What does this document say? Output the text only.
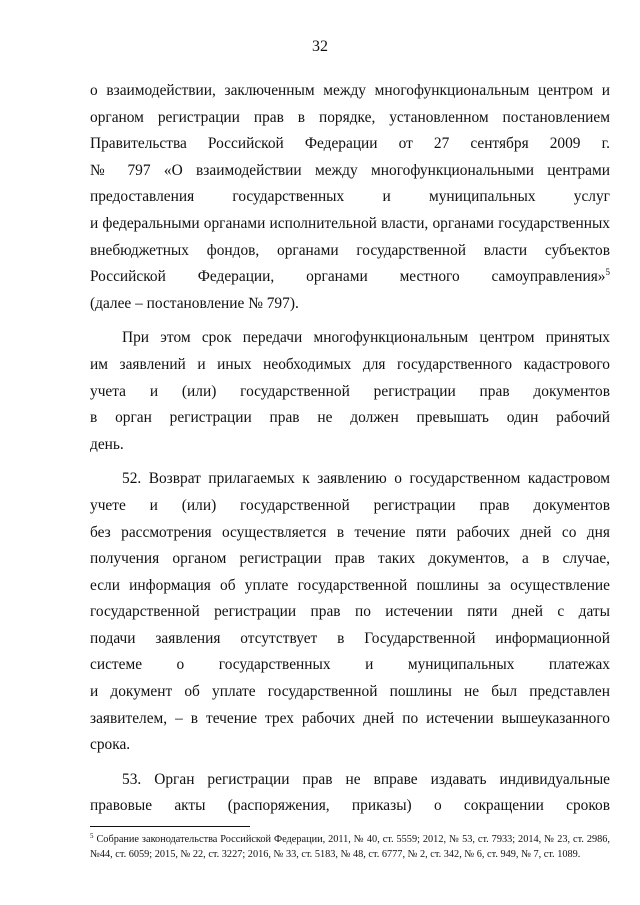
32
о взаимодействии, заключенным между многофункциональным центром и
органом регистрации прав в порядке, установленном постановлением
Правительства Российской Федерации от 27 сентября 2009 г.
№ 797 «О взаимодействии между многофункциональными центрами
предоставления государственных и муниципальных услуг
и федеральными органами исполнительной власти, органами государственных
внебюджетных фондов, органами государственной власти субъектов
Российской Федерации, органами местного самоуправления»$^5$
(далее – постановление № 797).
При этом срок передачи многофункциональным центром принятых
им заявлений и иных необходимых для государственного кадастрового
учета и (или) государственной регистрации прав документов
в орган регистрации прав не должен превышать один рабочий
день.
52. Возврат прилагаемых к заявлению о государственном кадастровом
учете и (или) государственной регистрации прав документов
без рассмотрения осуществляется в течение пяти рабочих дней со дня
получения органом регистрации прав таких документов, а в случае,
если информация об уплате государственной пошлины за осуществление
государственной регистрации прав по истечении пяти дней с даты
подачи заявления отсутствует в Государственной информационной
системе о государственных и муниципальных платежах
и документ об уплате государственной пошлины не был представлен
заявителем, – в течение трех рабочих дней по истечении вышеуказанного
срока.
53. Орган регистрации прав не вправе издавать индивидуальные
правовые акты (распоряжения, приказы) о сокращении сроков
$^5$ Собрание законодательства Российской Федерации, 2011, № 40, ст. 5559; 2012, № 53, ст. 7933; 2014, № 23, ст. 2986, №44, ст. 6059; 2015, № 22, ст. 3227; 2016, № 33, ст. 5183, № 48, ст. 6777, № 2, ст. 342, № 6, ст. 949, № 7, ст. 1089.
